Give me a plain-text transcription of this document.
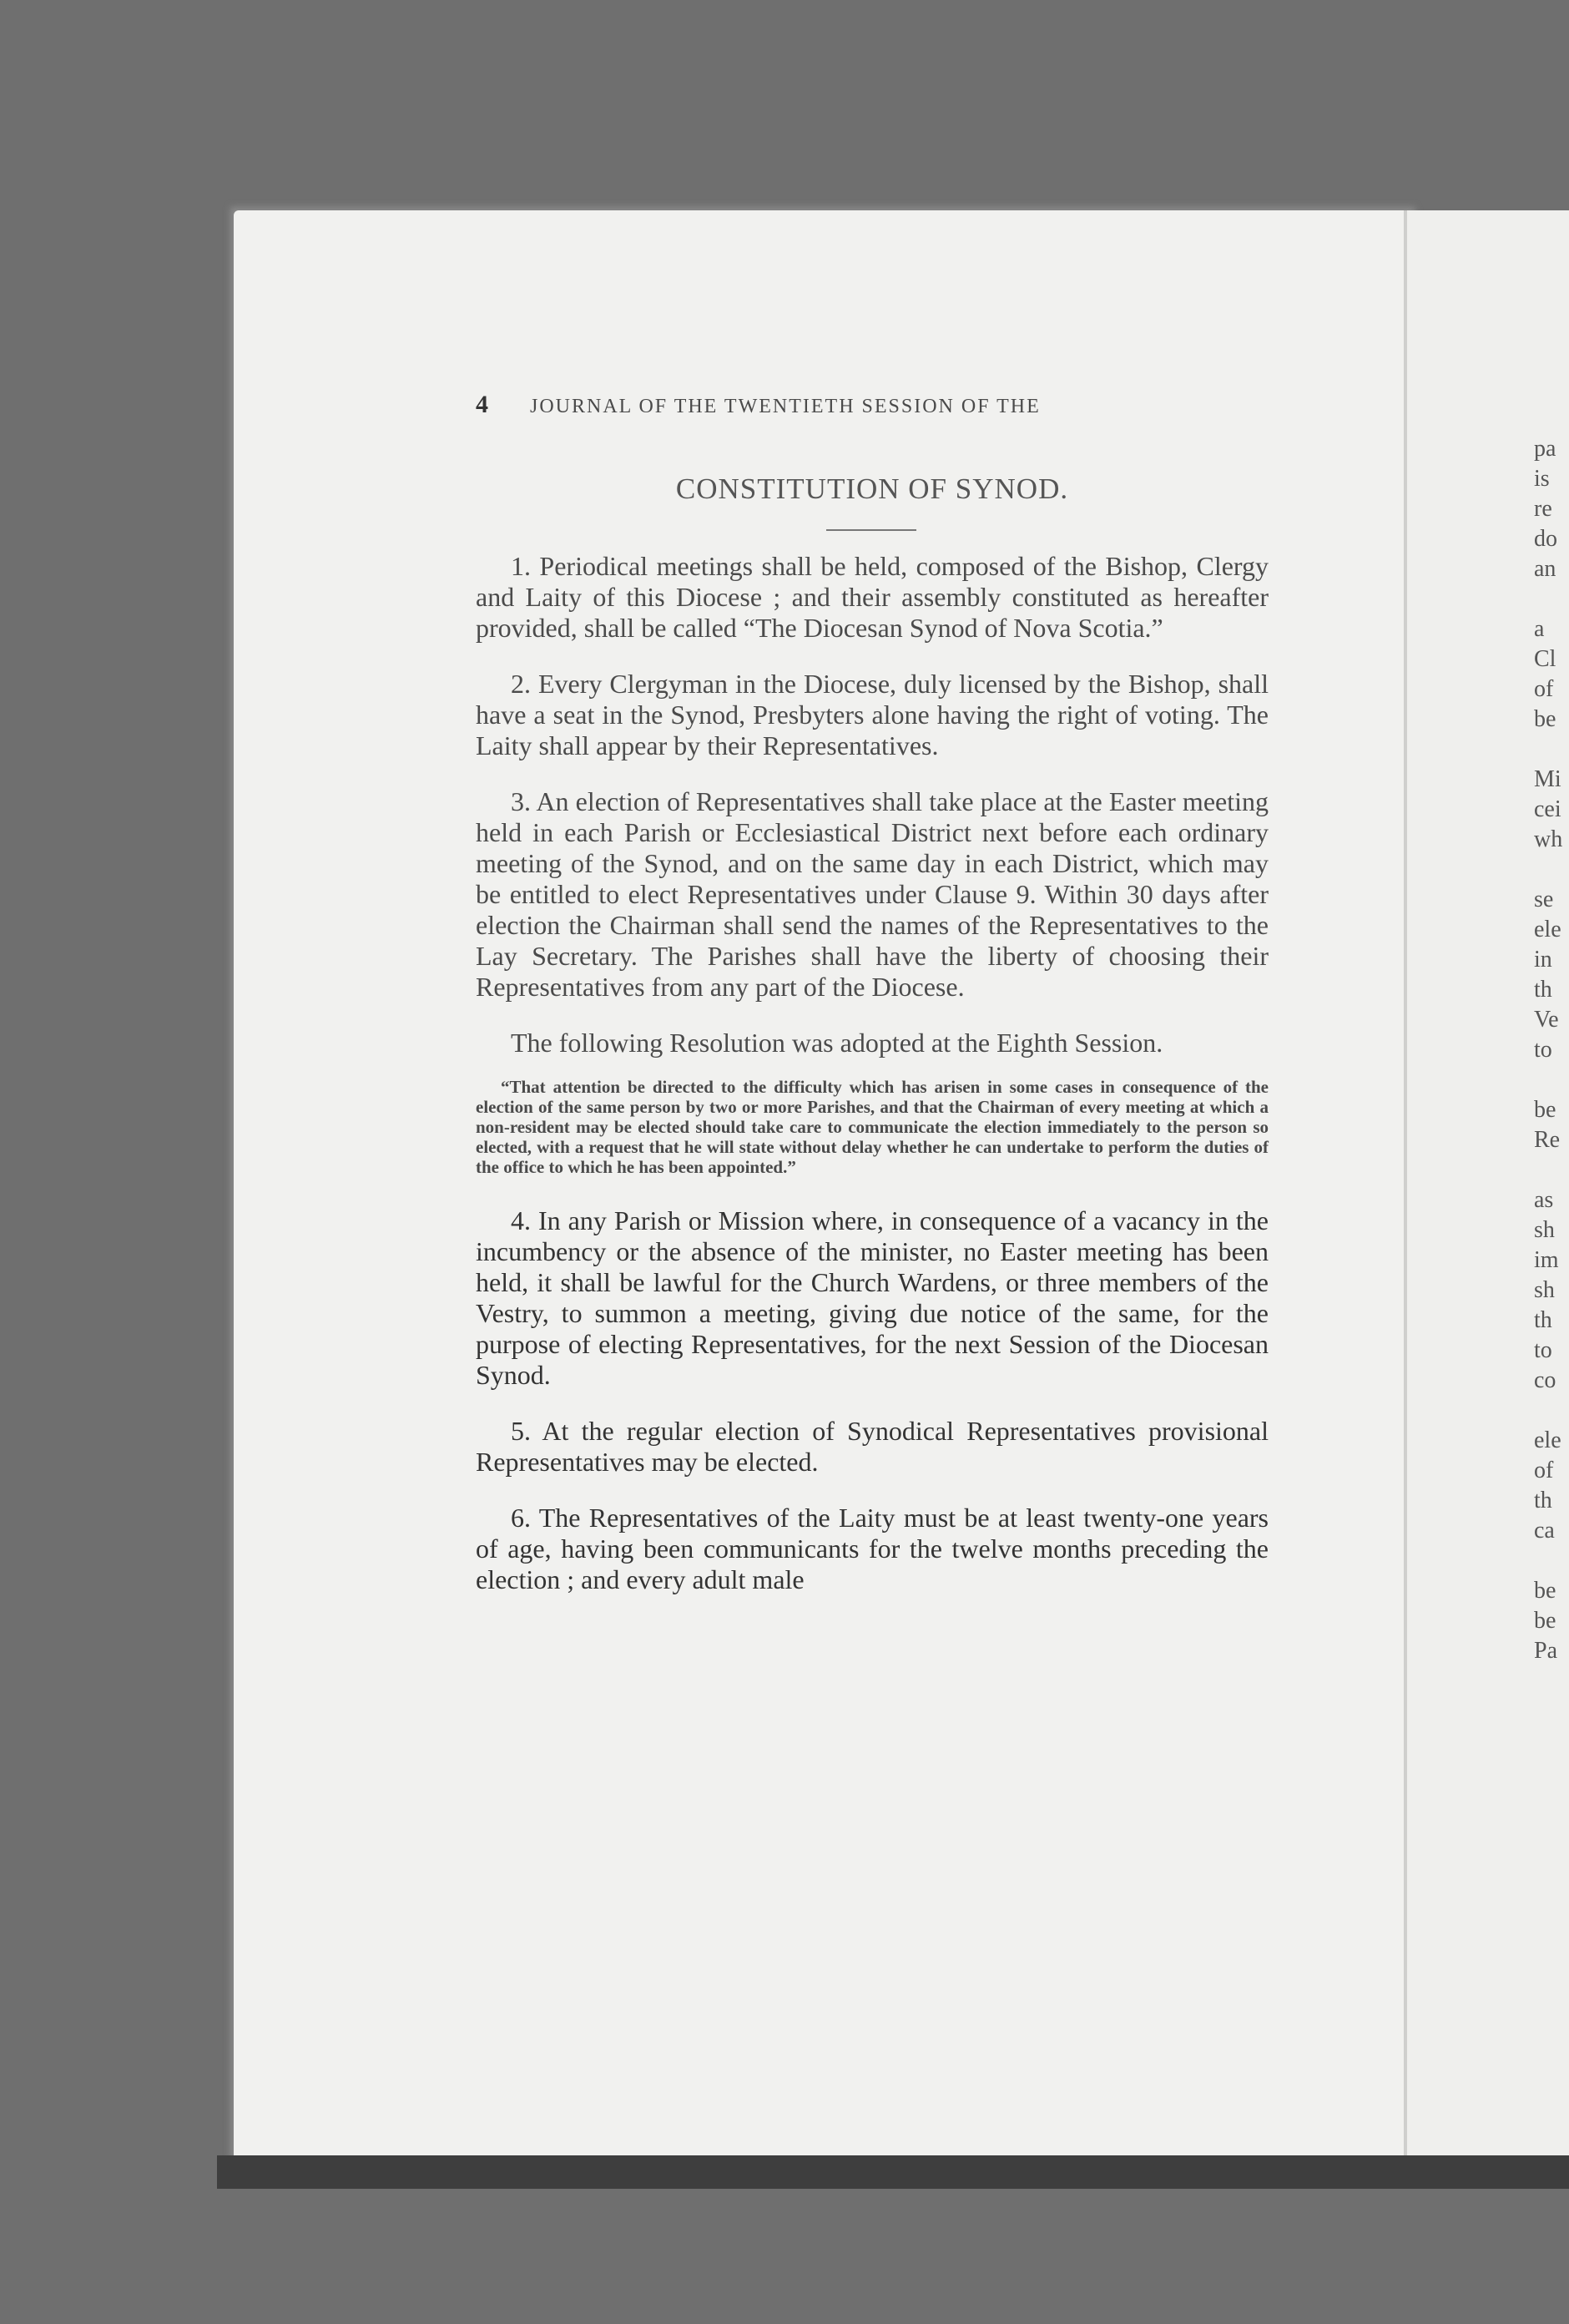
4 JOURNAL OF THE TWENTIETH SESSION OF THE
CONSTITUTION OF SYNOD.

1. Periodical meetings shall be held, composed of the Bishop, Clergy and Laity of this Diocese ; and their assembly constituted as hereafter provided, shall be called “The Diocesan Synod of Nova Scotia.”

2. Every Clergyman in the Diocese, duly licensed by the Bishop, shall have a seat in the Synod, Presbyters alone having the right of voting. The Laity shall appear by their Representatives.

3. An election of Representatives shall take place at the Easter meeting held in each Parish or Ecclesiastical District next before each ordinary meeting of the Synod, and on the same day in each District, which may be entitled to elect Representatives under Clause 9. Within 30 days after election the Chairman shall send the names of the Representatives to the Lay Secretary. The Parishes shall have the liberty of choosing their Representatives from any part of the Diocese.

The following Resolution was adopted at the Eighth Session.

“That attention be directed to the difficulty which has arisen in some cases in consequence of the election of the same person by two or more Parishes, and that the Chairman of every meeting at which a non-resident may be elected should take care to communicate the election immediately to the person so elected, with a request that he will state without delay whether he can undertake to perform the duties of the office to which he has been appointed.”

4. In any Parish or Mission where, in consequence of a vacancy in the incumbency or the absence of the minister, no Easter meeting has been held, it shall be lawful for the Church Wardens, or three members of the Vestry, to summon a meeting, giving due notice of the same, for the purpose of electing Representatives, for the next Session of the Diocesan Synod.

5. At the regular election of Synodical Representatives provisional Representatives may be elected.

6. The Representatives of the Laity must be at least twenty-one years of age, having been communicants for the twelve months preceding the election ; and every adult male

pa
is
re
do
an
a
Cl
of
be
Mi
cei
wh
se
ele
in
th
Ve
to
be
Re
as
sh
im
sh
th
to
co
ele
of
th
ca
be
be
Pa
